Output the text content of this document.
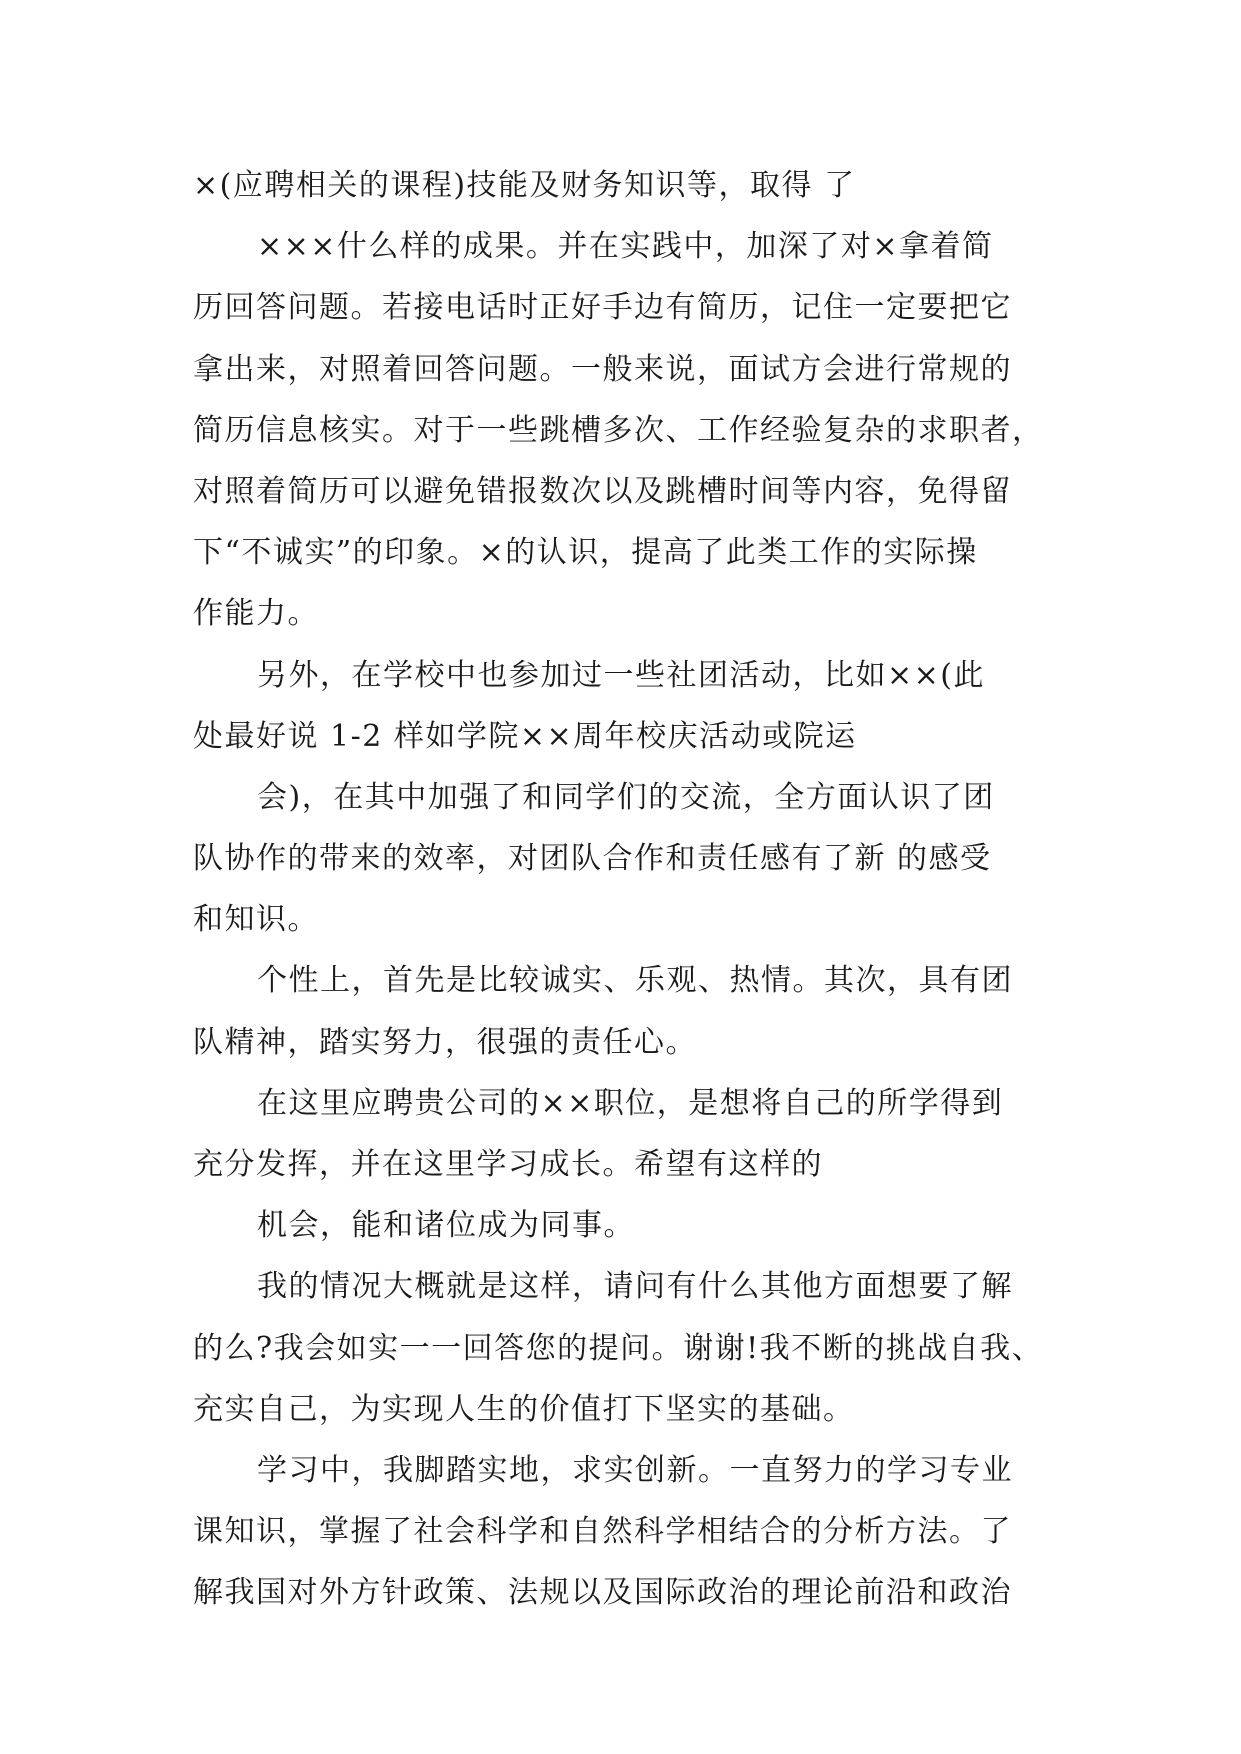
×(应聘相关的课程)技能及财务知识等，取得 了
×××什么样的成果。并在实践中，加深了对×拿着简
历回答问题。若接电话时正好手边有简历，记住一定要把它
拿出来，对照着回答问题。一般来说，面试方会进行常规的
简历信息核实。对于一些跳槽多次、工作经验复杂的求职者，
对照着简历可以避免错报数次以及跳槽时间等内容，免得留
下“不诚实”的印象。×的认识，提高了此类工作的实际操
作能力。
另外，在学校中也参加过一些社团活动，比如××(此
处最好说 1-2 样如学院××周年校庆活动或院运
会)，在其中加强了和同学们的交流，全方面认识了团
队协作的带来的效率，对团队合作和责任感有了新 的感受
和知识。
个性上，首先是比较诚实、乐观、热情。其次，具有团
队精神，踏实努力，很强的责任心。
在这里应聘贵公司的××职位，是想将自己的所学得到
充分发挥，并在这里学习成长。希望有这样的
机会，能和诸位成为同事。
我的情况大概就是这样，请问有什么其他方面想要了解
的么?我会如实一一回答您的提问。谢谢!我不断的挑战自我、
充实自己，为实现人生的价值打下坚实的基础。
学习中，我脚踏实地，求实创新。一直努力的学习专业
课知识，掌握了社会科学和自然科学相结合的分析方法。了
解我国对外方针政策、法规以及国际政治的理论前沿和政治
